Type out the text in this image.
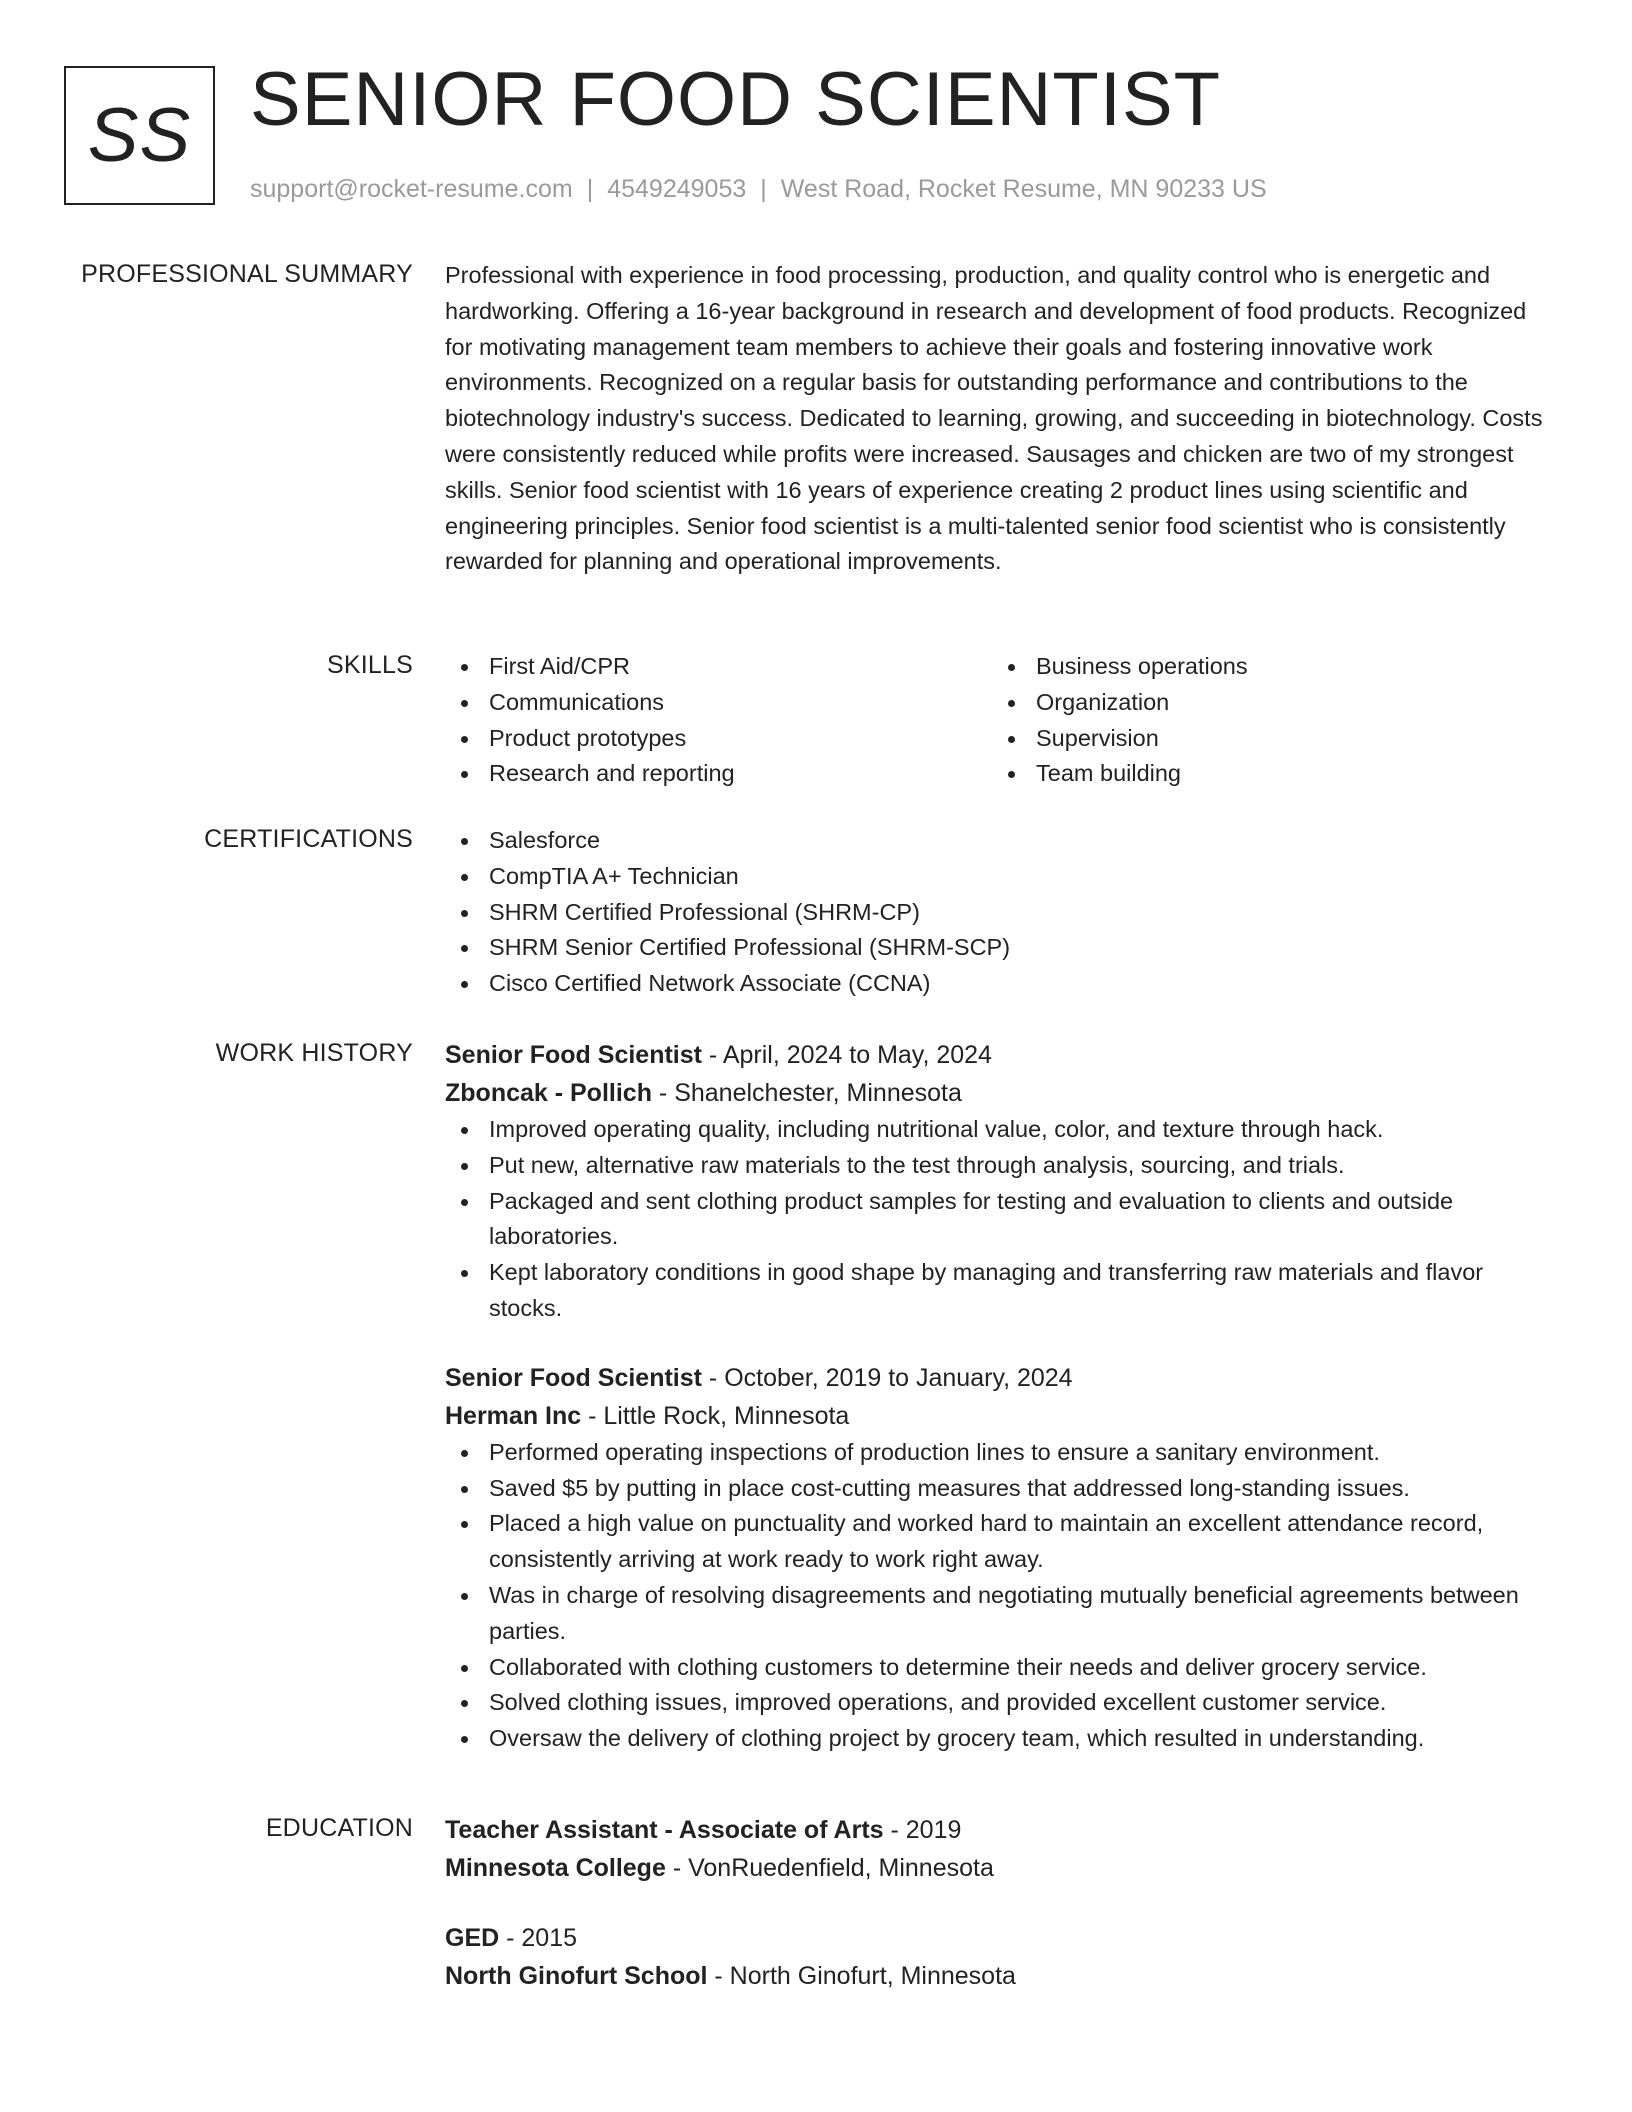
SS SENIOR FOOD SCIENTIST
support@rocket-resume.com | 4549249053 | West Road, Rocket Resume, MN 90233 US
PROFESSIONAL SUMMARY Professional with experience in food processing, production, and quality control who is energetic and hardworking. Offering a 16-year background in research and development of food products. Recognized for motivating management team members to achieve their goals and fostering innovative work environments. Recognized on a regular basis for outstanding performance and contributions to the biotechnology industry's success. Dedicated to learning, growing, and succeeding in biotechnology. Costs were consistently reduced while profits were increased. Sausages and chicken are two of my strongest skills. Senior food scientist with 16 years of experience creating 2 product lines using scientific and engineering principles. Senior food scientist is a multi-talented senior food scientist who is consistently rewarded for planning and operational improvements.

SKILLS	First Aid/CPR
Communications
Product prototypes
Research and reporting
Business operations
Organization
Supervision
Team building
CERTIFICATIONS	Salesforce
CompTIA A+ Technician
SHRM Certified Professional (SHRM-CP)
SHRM Senior Certified Professional (SHRM-SCP)
Cisco Certified Network Associate (CCNA)
WORK HISTORY Senior Food Scientist - April, 2024 to May, 2024
Zboncak - Pollich - Shanelchester, Minnesota
Improved operating quality, including nutritional value, color, and texture through hack.
Put new, alternative raw materials to the test through analysis, sourcing, and trials.
Packaged and sent clothing product samples for testing and evaluation to clients and outside laboratories.
Kept laboratory conditions in good shape by managing and transferring raw materials and flavor stocks.
Senior Food Scientist - October, 2019 to January, 2024
Herman Inc - Little Rock, Minnesota
Performed operating inspections of production lines to ensure a sanitary environment.
Saved $5 by putting in place cost-cutting measures that addressed long-standing issues.
Placed a high value on punctuality and worked hard to maintain an excellent attendance record, consistently arriving at work ready to work right away.
Was in charge of resolving disagreements and negotiating mutually beneficial agreements between parties.
Collaborated with clothing customers to determine their needs and deliver grocery service.
Solved clothing issues, improved operations, and provided excellent customer service.
Oversaw the delivery of clothing project by grocery team, which resulted in understanding.
EDUCATION Teacher Assistant - Associate of Arts - 2019
Minnesota College - VonRuedenfield, Minnesota
GED - 2015
North Ginofurt School - North Ginofurt, Minnesota
